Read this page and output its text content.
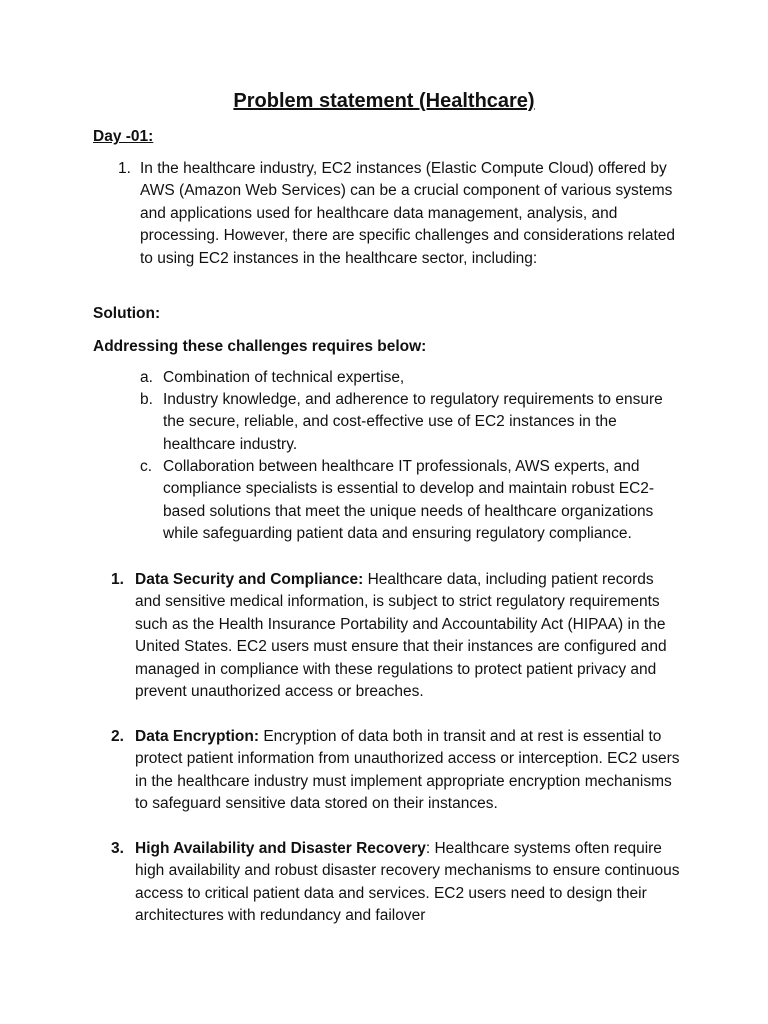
Problem statement (Healthcare)
Day -01:
1. In the healthcare industry, EC2 instances (Elastic Compute Cloud) offered by AWS (Amazon Web Services) can be a crucial component of various systems and applications used for healthcare data management, analysis, and processing. However, there are specific challenges and considerations related to using EC2 instances in the healthcare sector, including:
Solution:
Addressing these challenges requires below:
a. Combination of technical expertise,
b. Industry knowledge, and adherence to regulatory requirements to ensure the secure, reliable, and cost-effective use of EC2 instances in the healthcare industry.
c. Collaboration between healthcare IT professionals, AWS experts, and compliance specialists is essential to develop and maintain robust EC2-based solutions that meet the unique needs of healthcare organizations while safeguarding patient data and ensuring regulatory compliance.
1. Data Security and Compliance: Healthcare data, including patient records and sensitive medical information, is subject to strict regulatory requirements such as the Health Insurance Portability and Accountability Act (HIPAA) in the United States. EC2 users must ensure that their instances are configured and managed in compliance with these regulations to protect patient privacy and prevent unauthorized access or breaches.
2. Data Encryption: Encryption of data both in transit and at rest is essential to protect patient information from unauthorized access or interception. EC2 users in the healthcare industry must implement appropriate encryption mechanisms to safeguard sensitive data stored on their instances.
3. High Availability and Disaster Recovery: Healthcare systems often require high availability and robust disaster recovery mechanisms to ensure continuous access to critical patient data and services. EC2 users need to design their architectures with redundancy and failover
